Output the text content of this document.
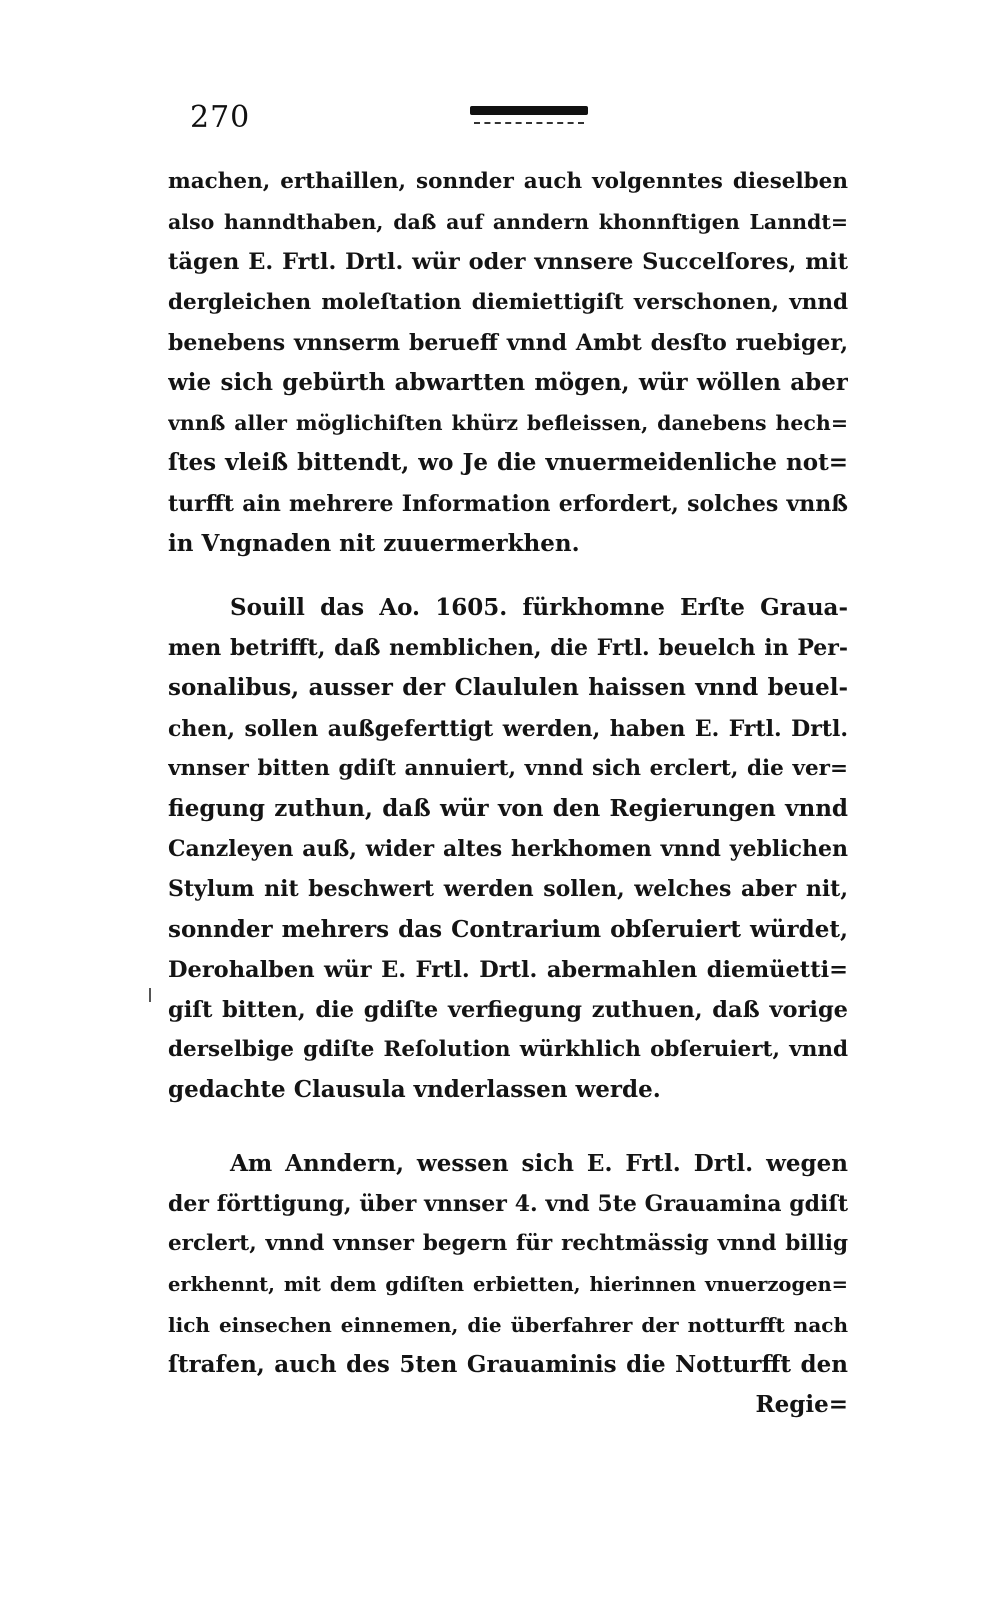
270
machen, erthaillen, sonnder auch volgenntes dieselben
also hanndthaben, daß auf anndern khonnftigen Lanndt=
tägen E. Frtl. Drtl. wür oder vnnsere Succelſores, mit
dergleichen moleſtation diemiettigiſt verschonen, vnnd
benebens vnnserm berueff vnnd Ambt desſto ruebiger,
wie sich gebürth abwartten mögen, wür wöllen aber
vnnß aller möglichiſten khürz befleissen, danebens hech=
ſtes vleiß bittendt, wo Je die vnuermeidenliche not=
turfft ain mehrere Information erfordert, solches vnnß
in Vngnaden nit zuuermerkhen.
Souill das Ao. 1605. fürkhomne Erſte Graua-
men betrifft, daß nemblichen, die Frtl. beuelch in Per-
sonalibus, ausser der Claululen haissen vnnd beuel-
chen, sollen außgeferttigt werden, haben E. Frtl. Drtl.
vnnser bitten gdiſt annuiert, vnnd sich erclert, die ver=
fiegung zuthun, daß wür von den Regierungen vnnd
Canzleyen auß, wider altes herkhomen vnnd yeblichen
Stylum nit beschwert werden sollen, welches aber nit,
sonnder mehrers das Contrarium obſeruiert würdet,
Derohalben wür E. Frtl. Drtl. abermahlen diemüetti=
giſt bitten, die gdiſte verfiegung zuthuen, daß vorige
derselbige gdiſte Reſolution würkhlich obſeruiert, vnnd
gedachte Clausula vnderlassen werde.
Am Anndern, wessen sich E. Frtl. Drtl. wegen
der förttigung, über vnnser 4. vnd 5te Grauamina gdiſt
erclert, vnnd vnnser begern für rechtmässig vnnd billig
erkhennt, mit dem gdiſten erbietten, hierinnen vnuerzogen=
lich einsechen einnemen, die überfahrer der notturfft nach
ſtrafen, auch des 5ten Grauaminis die Notturfft den
Regie=
